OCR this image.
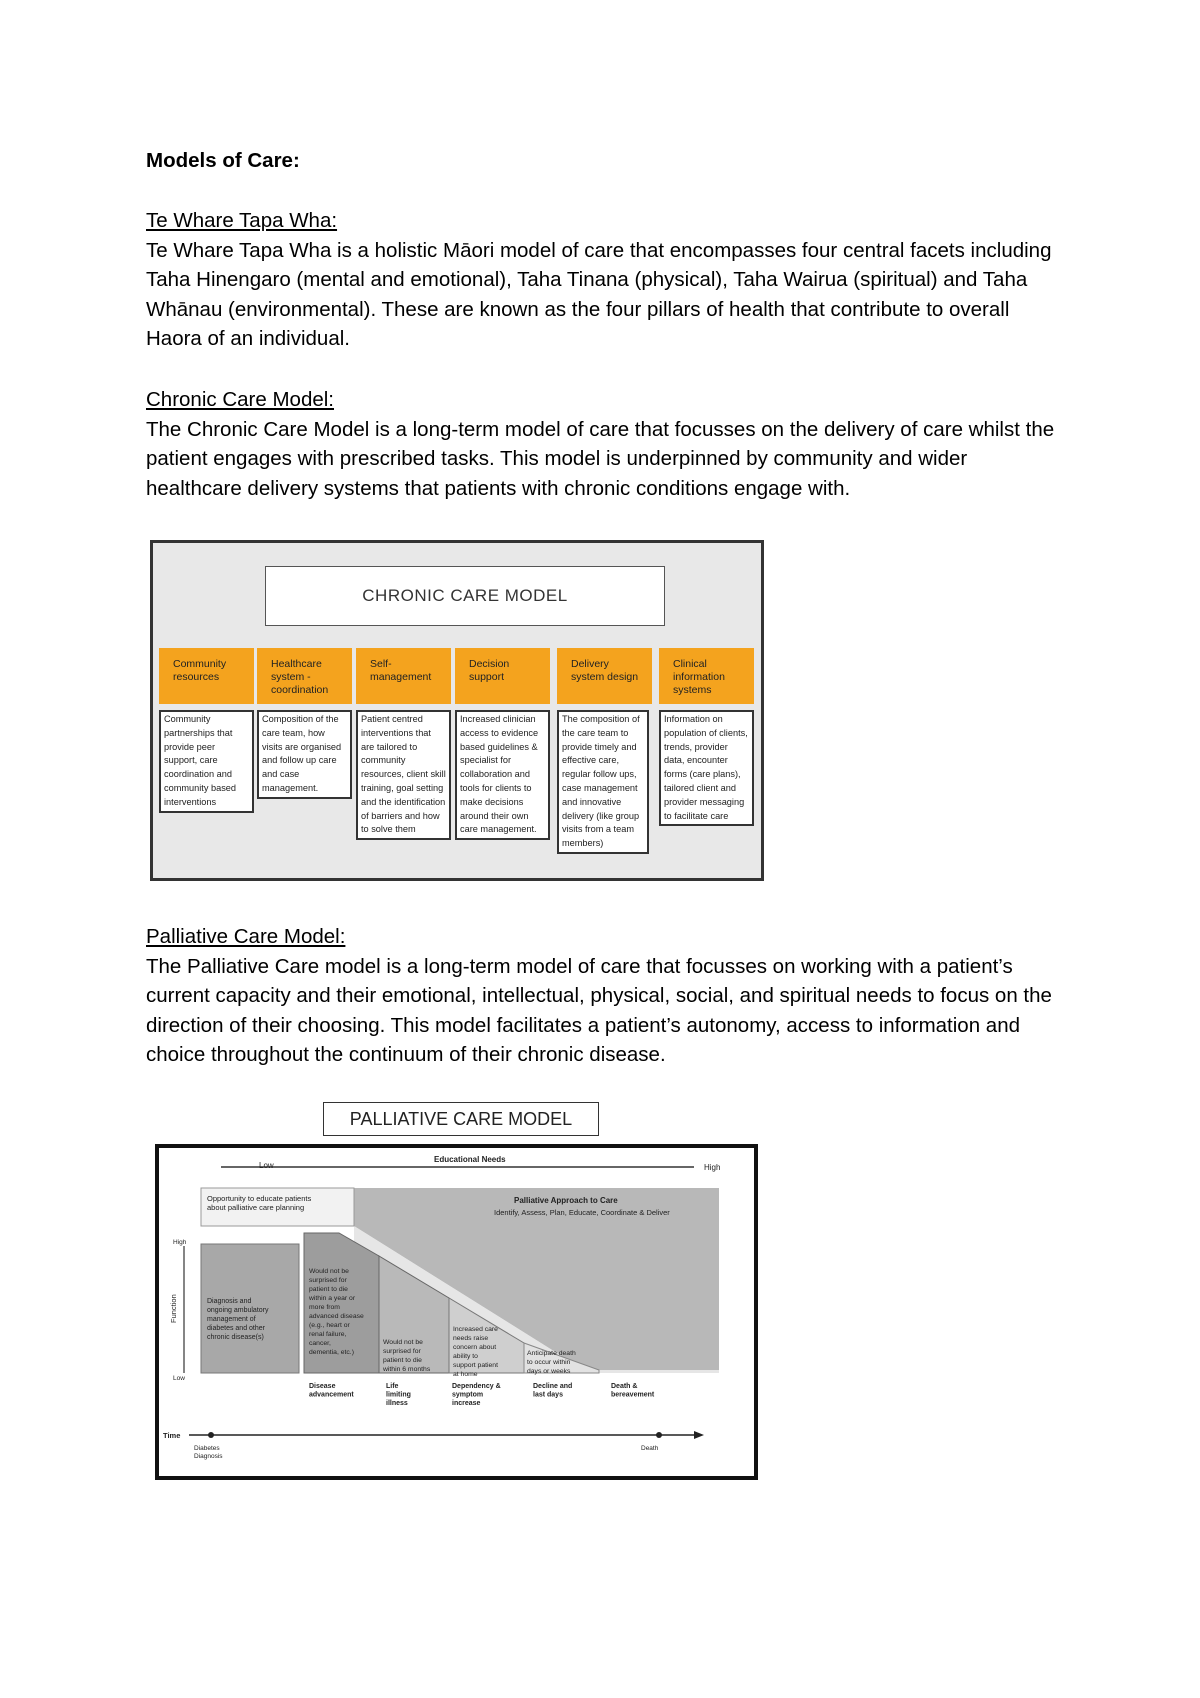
Models of Care:
Te Whare Tapa Wha:

Te Whare Tapa Wha is a holistic Māori model of care that encompasses four central facets including Taha Hinengaro (mental and emotional), Taha Tinana (physical), Taha Wairua (spiritual) and Taha Whānau (environmental). These are known as the four pillars of health that contribute to overall Haora of an individual.

Chronic Care Model:

The Chronic Care Model is a long-term model of care that focusses on the delivery of care whilst the patient engages with prescribed tasks. This model is underpinned by community and wider healthcare delivery systems that patients with chronic conditions engage with.

CHRONIC CARE MODEL
Community resources
Community partnerships that provide peer support, care coordination and community based interventions
Healthcare system - coordination
Composition of the care team, how visits are organised and follow up care and case management.
Self-management
Patient centred interventions that are tailored to community resources, client skill training, goal setting and the identification of barriers and how to solve them
Decision support
Increased clinician access to evidence based guidelines & specialist for collaboration and tools for clients to make decisions around their own care management.
Delivery system design
The composition of the care team to provide timely and effective care, regular follow ups, case management and innovative delivery (like group visits from a team members)
Clinical information systems
Information on population of clients, trends, provider data, encounter forms (care plans), tailored client and provider messaging to facilitate care
Palliative Care Model:

The Palliative Care model is a long-term model of care that focusses on working with a patient’s current capacity and their emotional, intellectual, physical, social, and spiritual needs to focus on the direction of their choosing. This model facilitates a patient’s autonomy, access to information and choice throughout the continuum of their chronic disease.

PALLIATIVE CARE MODEL
Low
Educational Needs
High
Opportunity to educate patients about palliative care planning
Palliative Approach to Care
Identify, Assess, Plan, Educate, Coordinate & Deliver
High
Low
Function	Diagnosis and ongoing ambulatory management of diabetes and other chronic disease(s)
Would not be surprised for patient to die within a year or more from advanced disease (e.g., heart or renal failure, cancer, dementia, etc.)
Would not be surprised for patient to die within 6 months
Increased care needs raise concern about ability to support patient at home
Anticipate death to occur within days or weeks
Disease advancement
Life limiting illness
Dependency & symptom increase
Decline and last days
Death & bereavement
Time
Diabetes Diagnosis
Death
